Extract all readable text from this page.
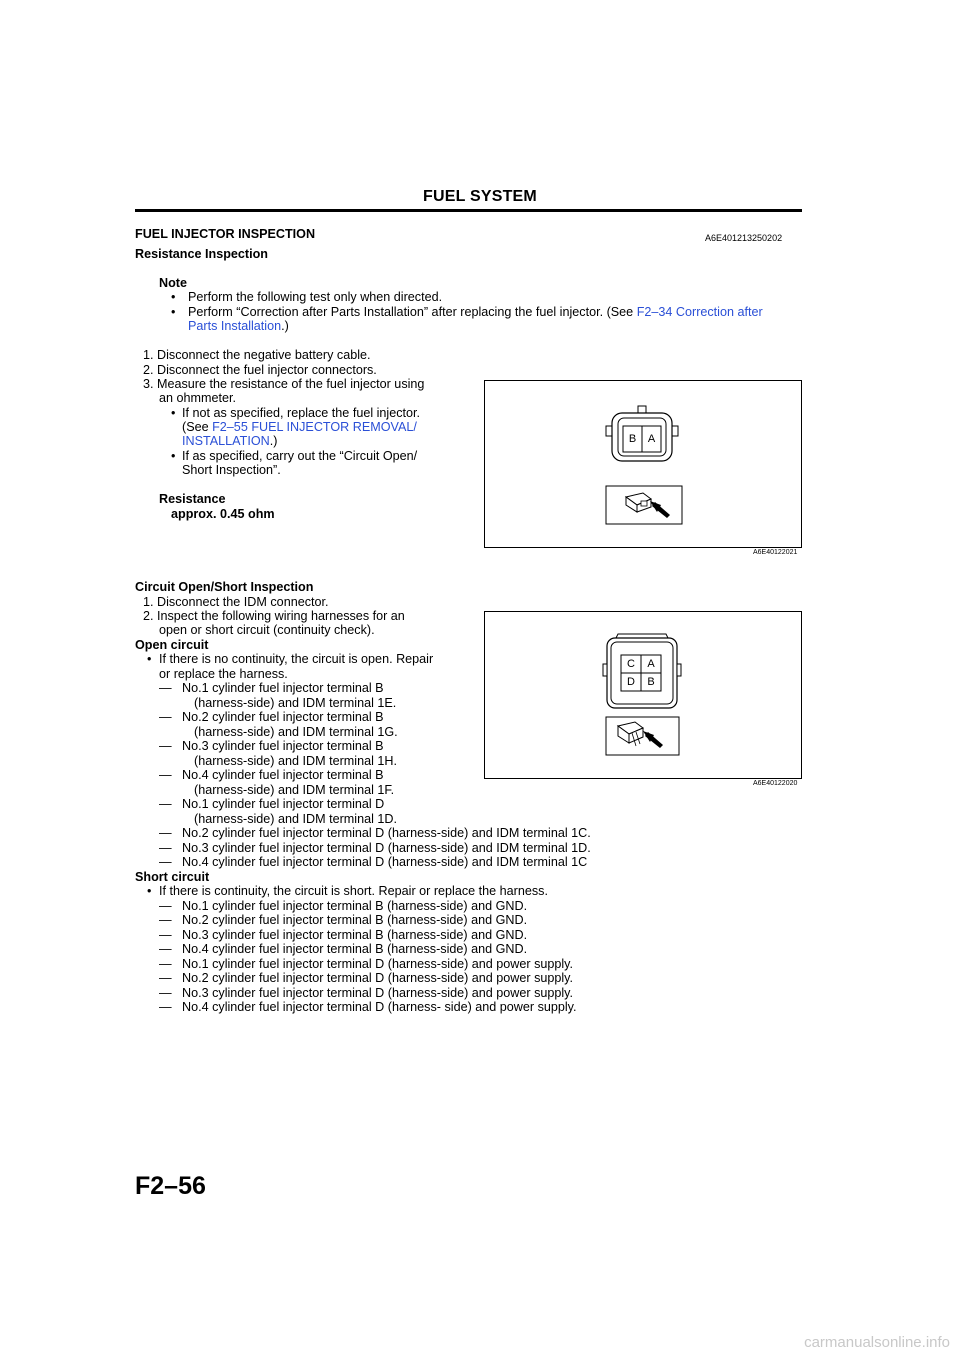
FUEL SYSTEM
FUEL INJECTOR INSPECTION	A6E401213250202
Resistance Inspection
Note
• Perform the following test only when directed.
• Perform “Correction after Parts Installation” after replacing the fuel injector. (See F2–34 Correction after
Parts Installation.)
1. Disconnect the negative battery cable.
2. Disconnect the fuel injector connectors.
3. Measure the resistance of the fuel injector using
an ohmmeter.
• If not as specified, replace the fuel injector.
(See F2–55 FUEL INJECTOR REMOVAL/
INSTALLATION.)
• If as specified, carry out the “Circuit Open/
Short Inspection”.
Resistance
approx. 0.45 ohm
B	A
A6E40122021
Circuit Open/Short Inspection
1. Disconnect the IDM connector.
2. Inspect the following wiring harnesses for an
open or short circuit (continuity check).
Open circuit
• If there is no continuity, the circuit is open. Repair
or replace the harness.
— No.1 cylinder fuel injector terminal B
(harness-side) and IDM terminal 1E.
— No.2 cylinder fuel injector terminal B
(harness-side) and IDM terminal 1G.
— No.3 cylinder fuel injector terminal B
(harness-side) and IDM terminal 1H.
— No.4 cylinder fuel injector terminal B
(harness-side) and IDM terminal 1F.
— No.1 cylinder fuel injector terminal D
(harness-side) and IDM terminal 1D.
— No.2 cylinder fuel injector terminal D (harness-side) and IDM terminal 1C.
— No.3 cylinder fuel injector terminal D (harness-side) and IDM terminal 1D.
— No.4 cylinder fuel injector terminal D (harness-side) and IDM terminal 1C
C	A
D	B
A6E40122020
Short circuit
• If there is continuity, the circuit is short. Repair or replace the harness.
— No.1 cylinder fuel injector terminal B (harness-side) and GND.
— No.2 cylinder fuel injector terminal B (harness-side) and GND.
— No.3 cylinder fuel injector terminal B (harness-side) and GND.
— No.4 cylinder fuel injector terminal B (harness-side) and GND.
— No.1 cylinder fuel injector terminal D (harness-side) and power supply.
— No.2 cylinder fuel injector terminal D (harness-side) and power supply.
— No.3 cylinder fuel injector terminal D (harness-side) and power supply.
— No.4 cylinder fuel injector terminal D (harness- side) and power supply.
F2–56
carmanualsonline.info
